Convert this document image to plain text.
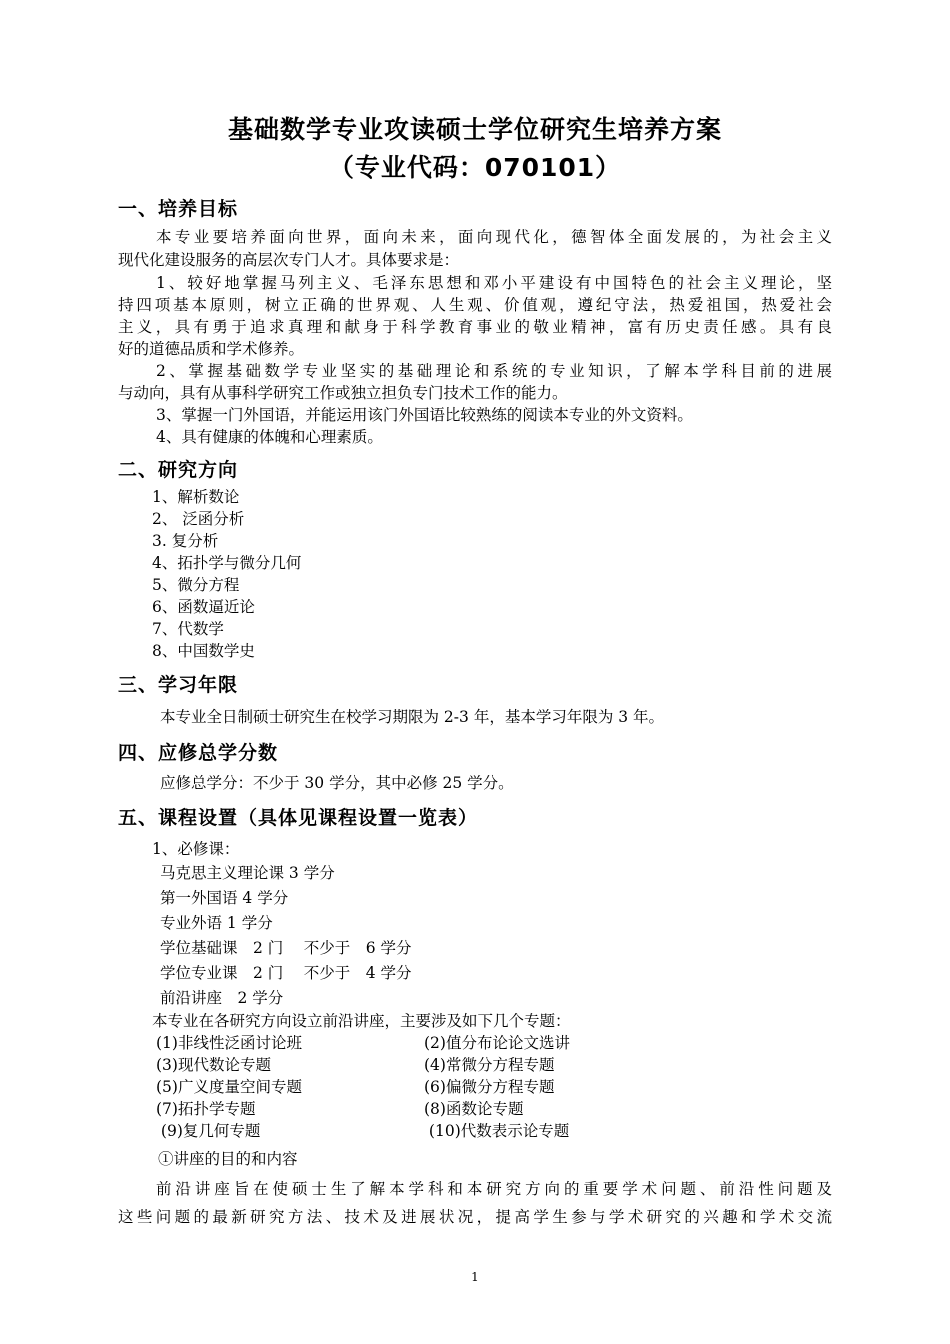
基础数学专业攻读硕士学位研究生培养方案
（专业代码：070101）
一、培养目标
本专业要培养面向世界，面向未来，面向现代化，德智体全面发展的，为社会主义
现代化建设服务的高层次专门人才。具体要求是：
1、较好地掌握马列主义、毛泽东思想和邓小平建设有中国特色的社会主义理论，坚
持四项基本原则，树立正确的世界观、人生观、价值观，遵纪守法，热爱祖国，热爱社会
主义，具有勇于追求真理和献身于科学教育事业的敬业精神，富有历史责任感。具有良
好的道德品质和学术修养。
2、掌握基础数学专业坚实的基础理论和系统的专业知识，了解本学科目前的进展
与动向，具有从事科学研究工作或独立担负专门技术工作的能力。
3、掌握一门外国语，并能运用该门外国语比较熟练的阅读本专业的外文资料。
4、具有健康的体魄和心理素质。
二、研究方向
1、解析数论
2、 泛函分析
3. 复分析
4、拓扑学与微分几何
5、微分方程
6、函数逼近论
7、代数学
8、中国数学史
三、学习年限
本专业全日制硕士研究生在校学习期限为 2-3 年，基本学习年限为 3 年。
四、应修总学分数
应修总学分：不少于 30 学分，其中必修 25 学分。
五、课程设置（具体见课程设置一览表）
1、必修课：
马克思主义理论课 3 学分
第一外国语 4 学分
专业外语 1 学分
学位基础课　2 门　 不少于　6 学分
学位专业课　2 门　 不少于　4 学分
前沿讲座　2 学分
本专业在各研究方向设立前沿讲座，主要涉及如下几个专题：
(1)非线性泛函讨论班
(3)现代数论专题
(5)广义度量空间专题
(7)拓扑学专题
(9)复几何专题
(2)值分布论论文选讲
(4)常微分方程专题
(6)偏微分方程专题
(8)函数论专题
(10)代数表示论专题
①讲座的目的和内容
前沿讲座旨在使硕士生了解本学科和本研究方向的重要学术问题、前沿性问题及
这些问题的最新研究方法、技术及进展状况，提高学生参与学术研究的兴趣和学术交流
1
